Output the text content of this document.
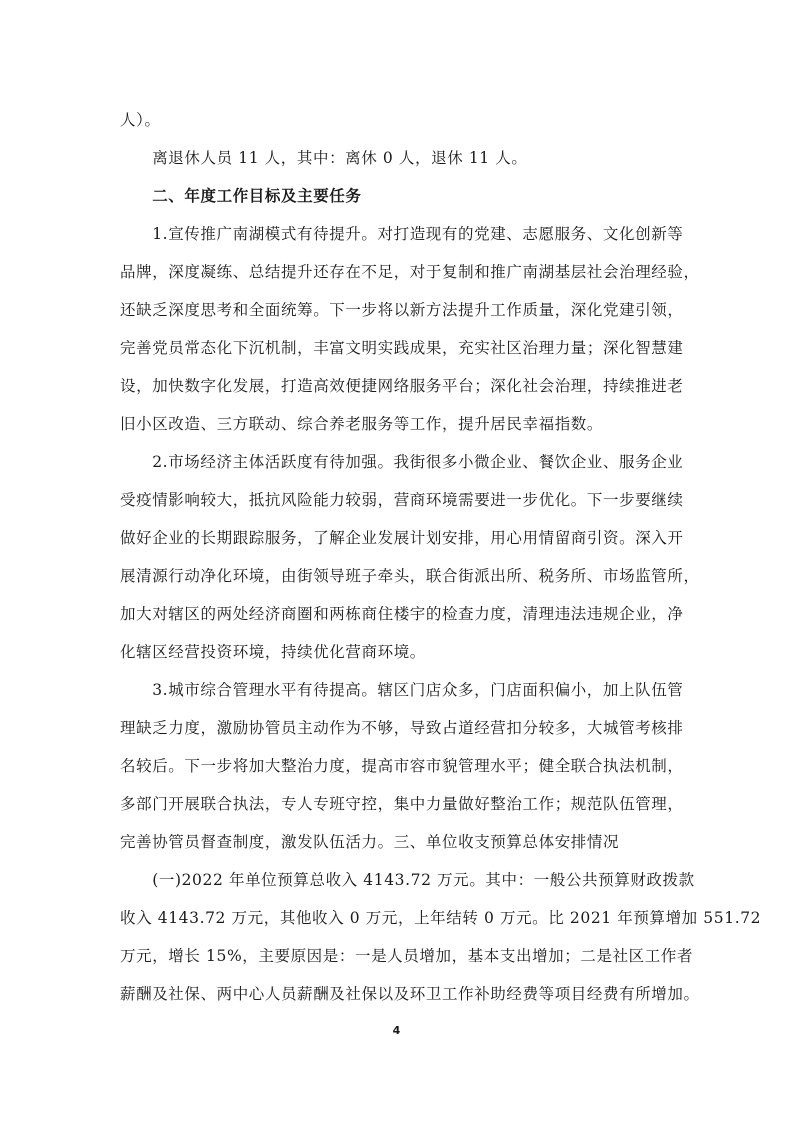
人）。
　　离退休人员 11 人，其中：离休 0 人，退休 11 人。
　　二、年度工作目标及主要任务
　　1.宣传推广南湖模式有待提升。对打造现有的党建、志愿服务、文化创新等
品牌，深度凝练、总结提升还存在不足，对于复制和推广南湖基层社会治理经验，
还缺乏深度思考和全面统筹。下一步将以新方法提升工作质量，深化党建引领，
完善党员常态化下沉机制，丰富文明实践成果，充实社区治理力量；深化智慧建
设，加快数字化发展，打造高效便捷网络服务平台；深化社会治理，持续推进老
旧小区改造、三方联动、综合养老服务等工作，提升居民幸福指数。
　　2.市场经济主体活跃度有待加强。我街很多小微企业、餐饮企业、服务企业
受疫情影响较大，抵抗风险能力较弱，营商环境需要进一步优化。下一步要继续
做好企业的长期跟踪服务，了解企业发展计划安排，用心用情留商引资。深入开
展清源行动净化环境，由街领导班子牵头，联合街派出所、税务所、市场监管所，
加大对辖区的两处经济商圈和两栋商住楼宇的检查力度，清理违法违规企业，净
化辖区经营投资环境，持续优化营商环境。
　　3.城市综合管理水平有待提高。辖区门店众多，门店面积偏小，加上队伍管
理缺乏力度，激励协管员主动作为不够，导致占道经营扣分较多，大城管考核排
名较后。下一步将加大整治力度，提高市容市貌管理水平；健全联合执法机制，
多部门开展联合执法，专人专班守控，集中力量做好整治工作；规范队伍管理，
完善协管员督查制度，激发队伍活力。三、单位收支预算总体安排情况
　　(一)2022 年单位预算总收入 4143.72 万元。其中：一般公共预算财政拨款
收入 4143.72 万元，其他收入 0 万元，上年结转 0 万元。比 2021 年预算增加 551.72
万元，增长 15%，主要原因是：一是人员增加，基本支出增加；二是社区工作者
薪酬及社保、两中心人员薪酬及社保以及环卫工作补助经费等项目经费有所增加。
4
